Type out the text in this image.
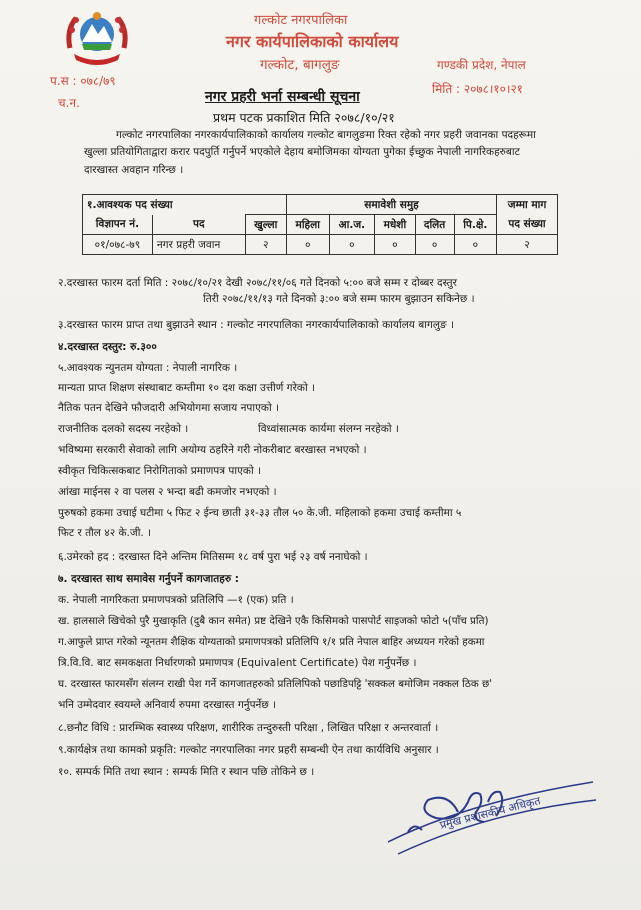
गल्कोट नगरपालिका
नगर कार्यपालिकाको कार्यालय
गल्कोट, बागलुङ	गण्डकी प्रदेश, नेपाल
प.स : ०७८/७९
मिति : २०७८।१०।२१
च.न.	नगर प्रहरी भर्ना सम्बन्धी सूचना
प्रथम पटक प्रकाशित मिति २०७८/१०/२१
गल्कोट नगरपालिका नगरकार्यपालिकाको कार्यालय गल्कोट बागलुङमा रिक्त रहेको नगर प्रहरी जवानका पदहरूमा
खुल्ला प्रतियोगिताद्वारा करार पदपुर्ति गर्नुपर्ने भएकोले देहाय बमोजिमका योग्यता पुगेका ईच्छुक नेपाली नागरिकहरुबाट
दारखास्त अवहान गरिन्छ ।
१.आवश्यक पद संख्या			समावेशी समुह					जम्मा माग
विज्ञापन नं.	पद	खुल्ला	महिला	आ.ज.	मधेशी	दलित	पि.क्षे.	पद संख्या
०१/०७८-७९	नगर प्रहरी जवान	२	०	०	०	०	०	२
२.दरखास्त फारम दर्ता मिति : २०७८/१०/२१ देखी २०७८/११/०६ गते दिनको ५:०० बजे सम्म र दोब्बर दस्तुर
तिरी २०७८/११/१३ गते दिनको ३:०० बजे सम्म फारम बुझाउन सकिनेछ ।
३.दरखास्त फारम प्राप्त तथा बुझाउने स्थान : गल्कोट नगरपालिका नगरकार्यपालिकाको कार्यालय बागलुङ ।
४.दरखास्त दस्तुर: रु.३००
५.आवश्यक न्युनतम योग्यता : नेपाली नागरिक ।
मान्यता प्राप्त शिक्षण संस्थाबाट कम्तीमा १० दश कक्षा उत्तीर्ण गरेको ।
नैतिक पतन देखिने फौजदारी अभियोगमा सजाय नपाएको ।
राजनीतिक दलको सदस्य नरहेको ।	विध्वांसात्मक कार्यमा संलग्न नरहेको ।
भविष्यमा सरकारी सेवाको लागि अयोग्य ठहरिने गरी नोकरीबाट बरखास्त नभएको ।
स्वीकृत चिकित्सकबाट निरोगिताको प्रमाणपत्र पाएको ।
आंखा माईनस २ वा पलस २ भन्दा बढी कमजोर नभएको ।
पुरुषको हकमा उचाई घटीमा ५ फिट २ ईन्च छाती ३१-३३ तौल ५० के.जी. महिलाको हकमा उचाई कम्तीमा ५
फिट र तौल ४२ के.जी. ।
६.उमेरको हद : दरखास्त दिने अन्तिम मितिसम्म १८ वर्ष पुरा भई २३ वर्ष ननाघेको ।
७. दरखास्त साथ समावेस गर्नुपर्ने कागजातहरु :
क. नेपाली नागरिकता प्रमाणपत्रको प्रतिलिपि —१ (एक) प्रति ।
ख. हालसाले खिचेको पुरै मुखाकृति (दुबै कान समेत) प्रष्ट देखिने एकै किसिमको पासपोर्ट साइजको फोटो ५(पाँच प्रति)
ग.आफुले प्राप्त गरेको न्यूनतम शैक्षिक योग्यताको प्रमाणपत्रको प्रतिलिपि १/१ प्रति नेपाल बाहिर अध्ययन गरेको हकमा
त्रि.वि.वि. बाट समकक्षता निर्धारणको प्रमाणपत्र (Equivalent Certificate) पेश गर्नुपर्नेछ ।
घ. दरखास्त फारमसँग संलग्न राखी पेश गर्ने कागजातहरुको प्रतिलिपिको पछाडिपट्टि 'सक्कल बमोजिम नक्कल ठिक छ'
भनि उम्मेदवार स्वयम्ले अनिवार्य रुपमा दरखास्त गर्नुपर्नेछ ।
८.छनौट विधि : प्रारम्भिक स्वास्थ्य परिक्षण, शारीरिक तन्दुरुस्ती परिक्षा , लिखित परिक्षा र अन्तरवार्ता ।
९.कार्यक्षेत्र तथा कामको प्रकृति: गल्कोट नगरपालिका नगर प्रहरी सम्बन्धी ऐन तथा कार्यविधि अनुसार ।
१०. सम्पर्क मिति तथा स्थान : सम्पर्क मिति र स्थान पछि तोकिने छ ।
प्रमुख प्रशासकीय अधिकृत
